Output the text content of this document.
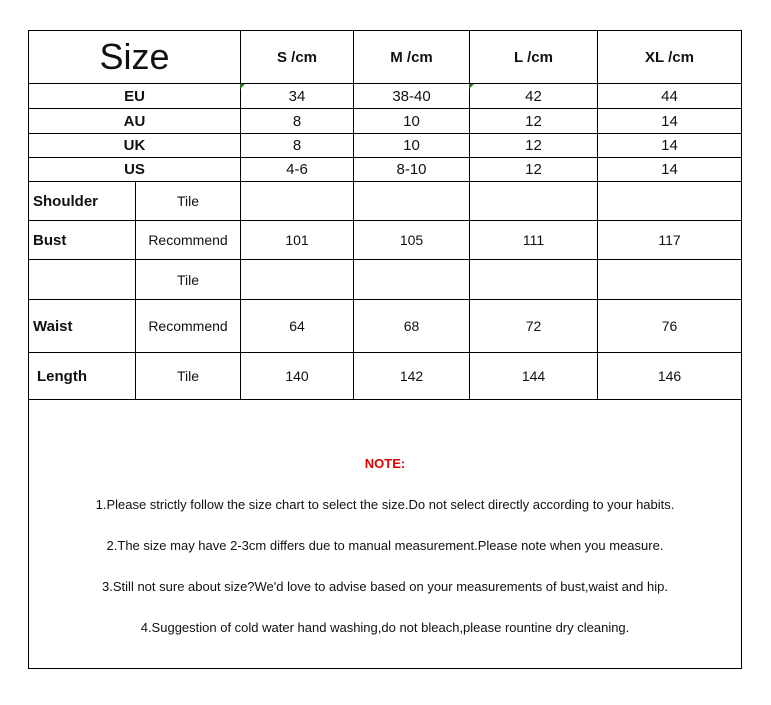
Size		S /cm	M /cm	L /cm	XL /cm
EU		34	38-40	42	44
AU		8	10	12	14
UK		8	10	12	14
US		4-6	8-10	12	14
Shoulder	Tile				
Bust	Recommend	101	105	111	117
	Tile				
Waist	Recommend	64	68	72	76
Length	Tile	140	142	144	146

NOTE:
1.Please strictly follow the size chart to select the size.Do not select directly according to your habits.
2.The size may have 2-3cm differs due to manual measurement.Please note when you measure.
3.Still not sure about size?We'd love to advise based on your measurements of bust,waist and hip.
4.Suggestion of cold water hand washing,do not bleach,please rountine dry cleaning.					
